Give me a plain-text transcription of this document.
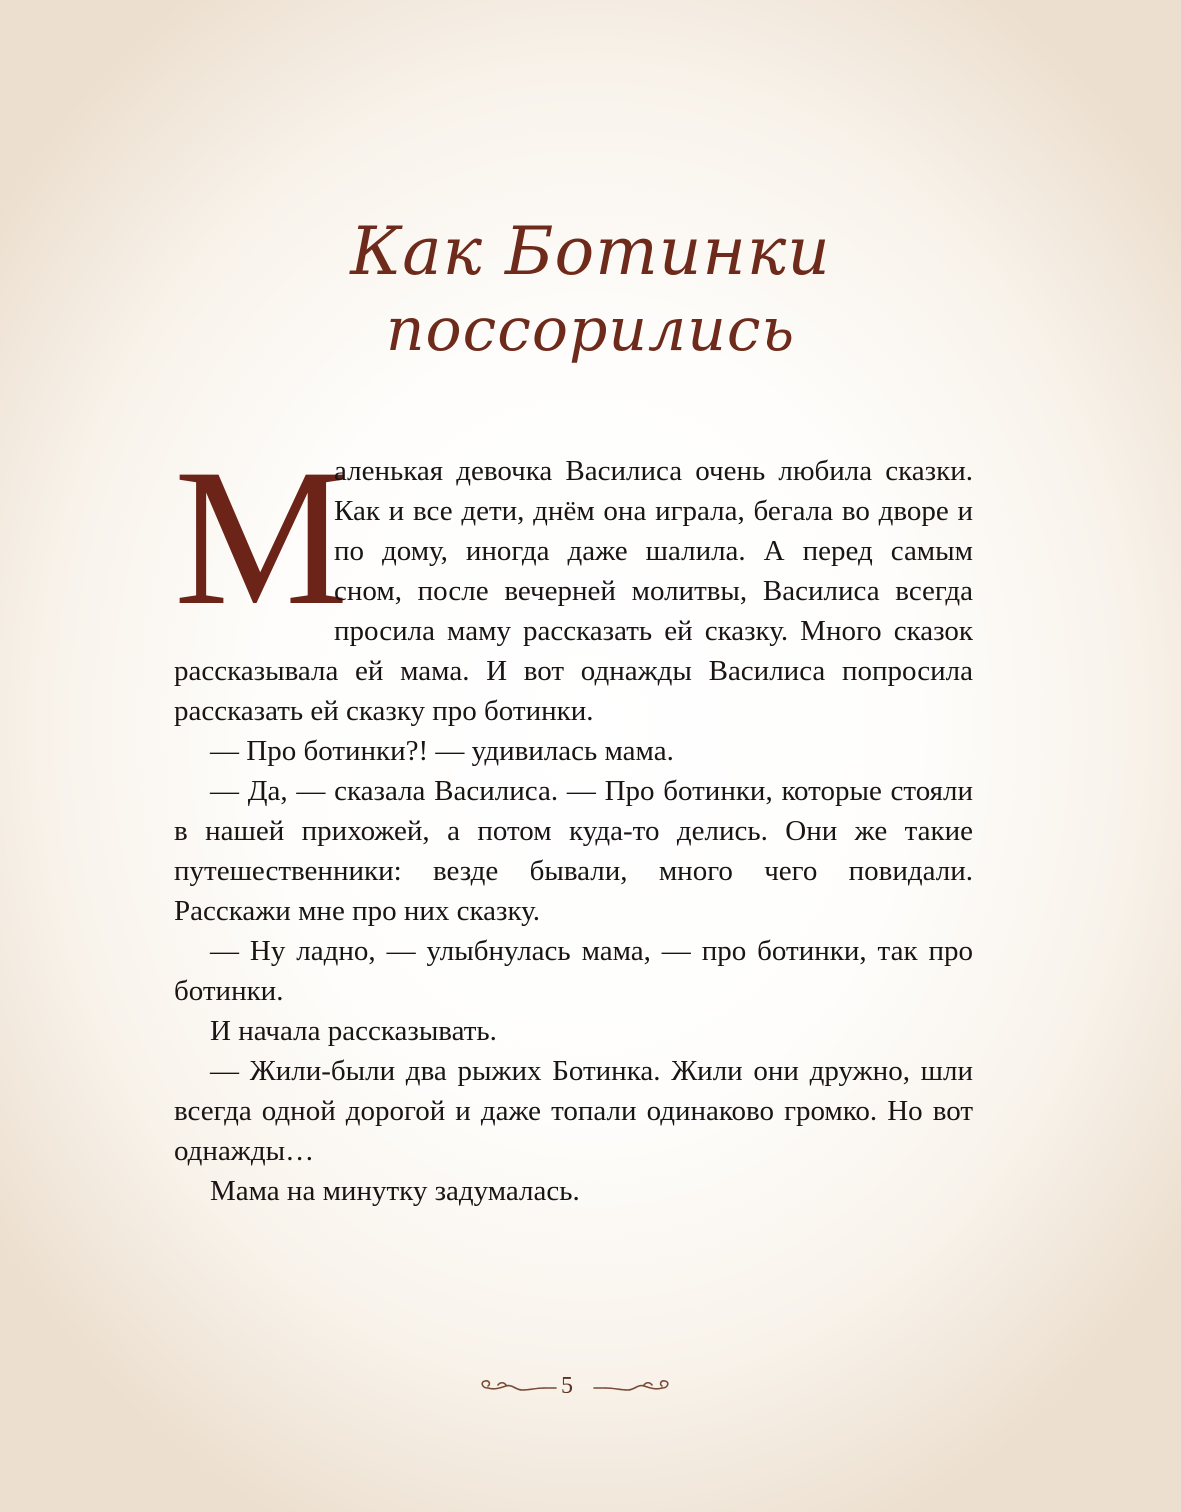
Как Ботинки
поссорились
М

аленькая девочка Василиса очень любила сказки. Как и все дети, днём она играла, бегала во дворе и по дому, иногда даже шалила. А перед самым сном, после вечерней молитвы, Василиса всегда просила маму рассказать ей сказку. Много сказок рассказывала ей мама. И вот однажды Василиса попросила рассказать ей сказку про ботинки.

— Про ботинки?! — удивилась мама.

— Да, — сказала Василиса. — Про ботинки, которые стояли в нашей прихожей, а потом куда-то делись. Они же такие путешественники: везде бывали, много чего повидали. Расскажи мне про них сказку.

— Ну ладно, — улыбнулась мама, — про ботинки, так про ботинки.

И начала рассказывать.

— Жили-были два рыжих Ботинка. Жили они дружно, шли всегда одной дорогой и даже топали одинаково громко. Но вот однажды…

Мама на минутку задумалась.

5
